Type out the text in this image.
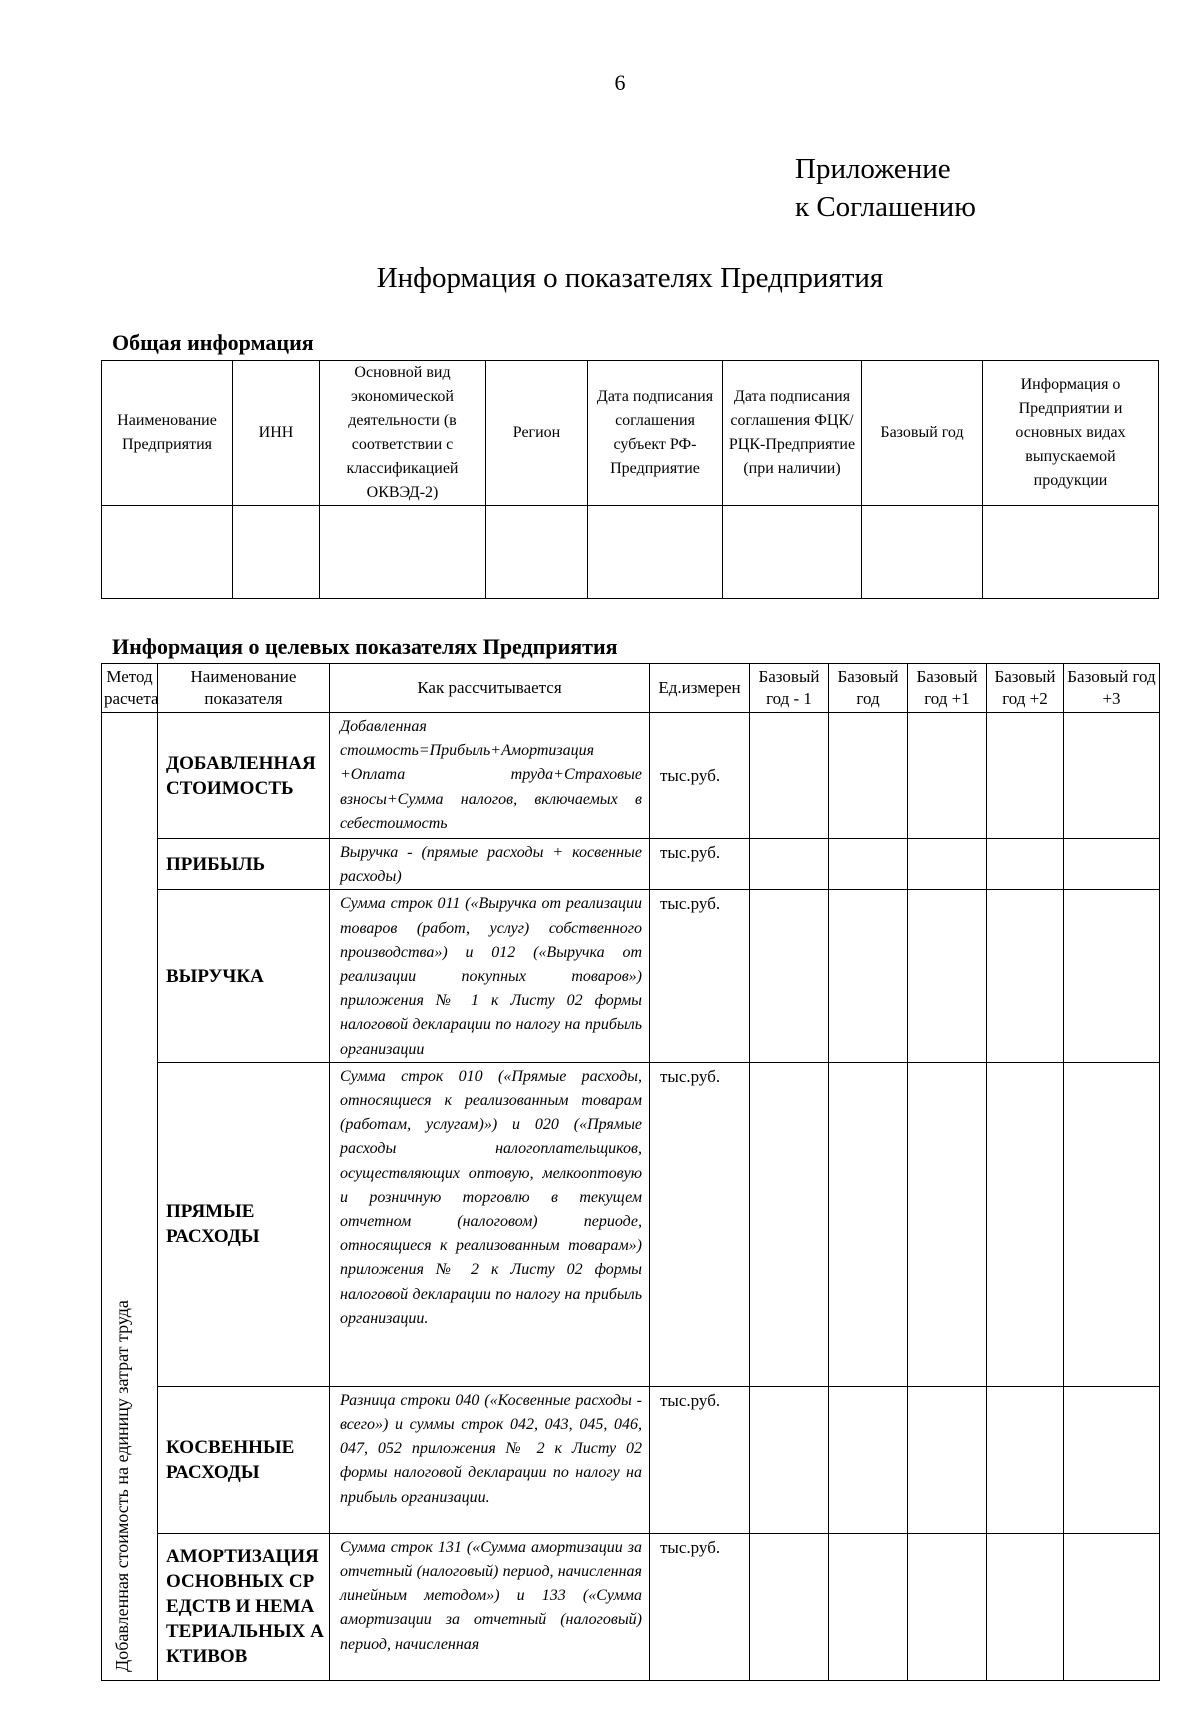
6
Приложение
к Соглашению
Информация о показателях Предприятия
Общая информация
Наименование Предприятия	ИНН	Основной вид экономической деятельности (в соответствии с классификацией ОКВЭД-2)	Регион	Дата подписания соглашения субъект РФ-Предприятие	Дата подписания соглашения ФЦК/РЦК-Предприятие (при наличии)	Базовый год	Информация о Предприятии и основных видах выпускаемой продукции

Информация о целевых показателях Предприятия
Метод расчета	Наименование показателя	Как рассчитывается	Ед.измерен	Базовый год - 1	Базовый год	Базовый год +1	Базовый год +2	Базовый год +3

Добавленная стоимость на единицу затрат труда	ДОБАВЛЕННАЯ СТОИМОСТЬ	Добавленная стоимость=Прибыль+Амортизация +Оплата труда+Страховые взносы+Сумма налогов, включаемых в себестоимость	тыс.руб.					
	ПРИБЫЛЬ	Выручка - (прямые расходы + косвенные расходы)	тыс.руб.					
	ВЫРУЧКА	Сумма строк 011 («Выручка от реализации товаров (работ, услуг) собственного производства») и 012 («Выручка от реализации покупных товаров») приложения № 1 к Листу 02 формы налоговой декларации по налогу на прибыль организации	тыс.руб.					
	ПРЯМЫЕ РАСХОДЫ	Сумма строк 010 («Прямые расходы, относящиеся к реализованным товарам (работам, услугам)») и 020 («Прямые расходы налогоплательщиков, осуществляющих оптовую, мелкооптовую и розничную торговлю в текущем отчетном (налоговом) периоде, относящиеся к реализованным товарам») приложения № 2 к Листу 02 формы налоговой декларации по налогу на прибыль организации.	тыс.руб.					
	КОСВЕННЫЕ РАСХОДЫ	Разница строки 040 («Косвенные расходы - всего») и суммы строк 042, 043, 045, 046, 047, 052 приложения № 2 к Листу 02 формы налоговой декларации по налогу на прибыль организации.	тыс.руб.					
	АМОРТИЗАЦИЯ ОСНОВНЫХ СРЕДСТВ И НЕМАТЕРИАЛЬНЫХ АКТИВОВ	Сумма строк 131 («Сумма амортизации за отчетный (налоговый) период, начисленная линейным методом») и 133 («Сумма амортизации за отчетный (налоговый) период, начисленная	тыс.руб.					
